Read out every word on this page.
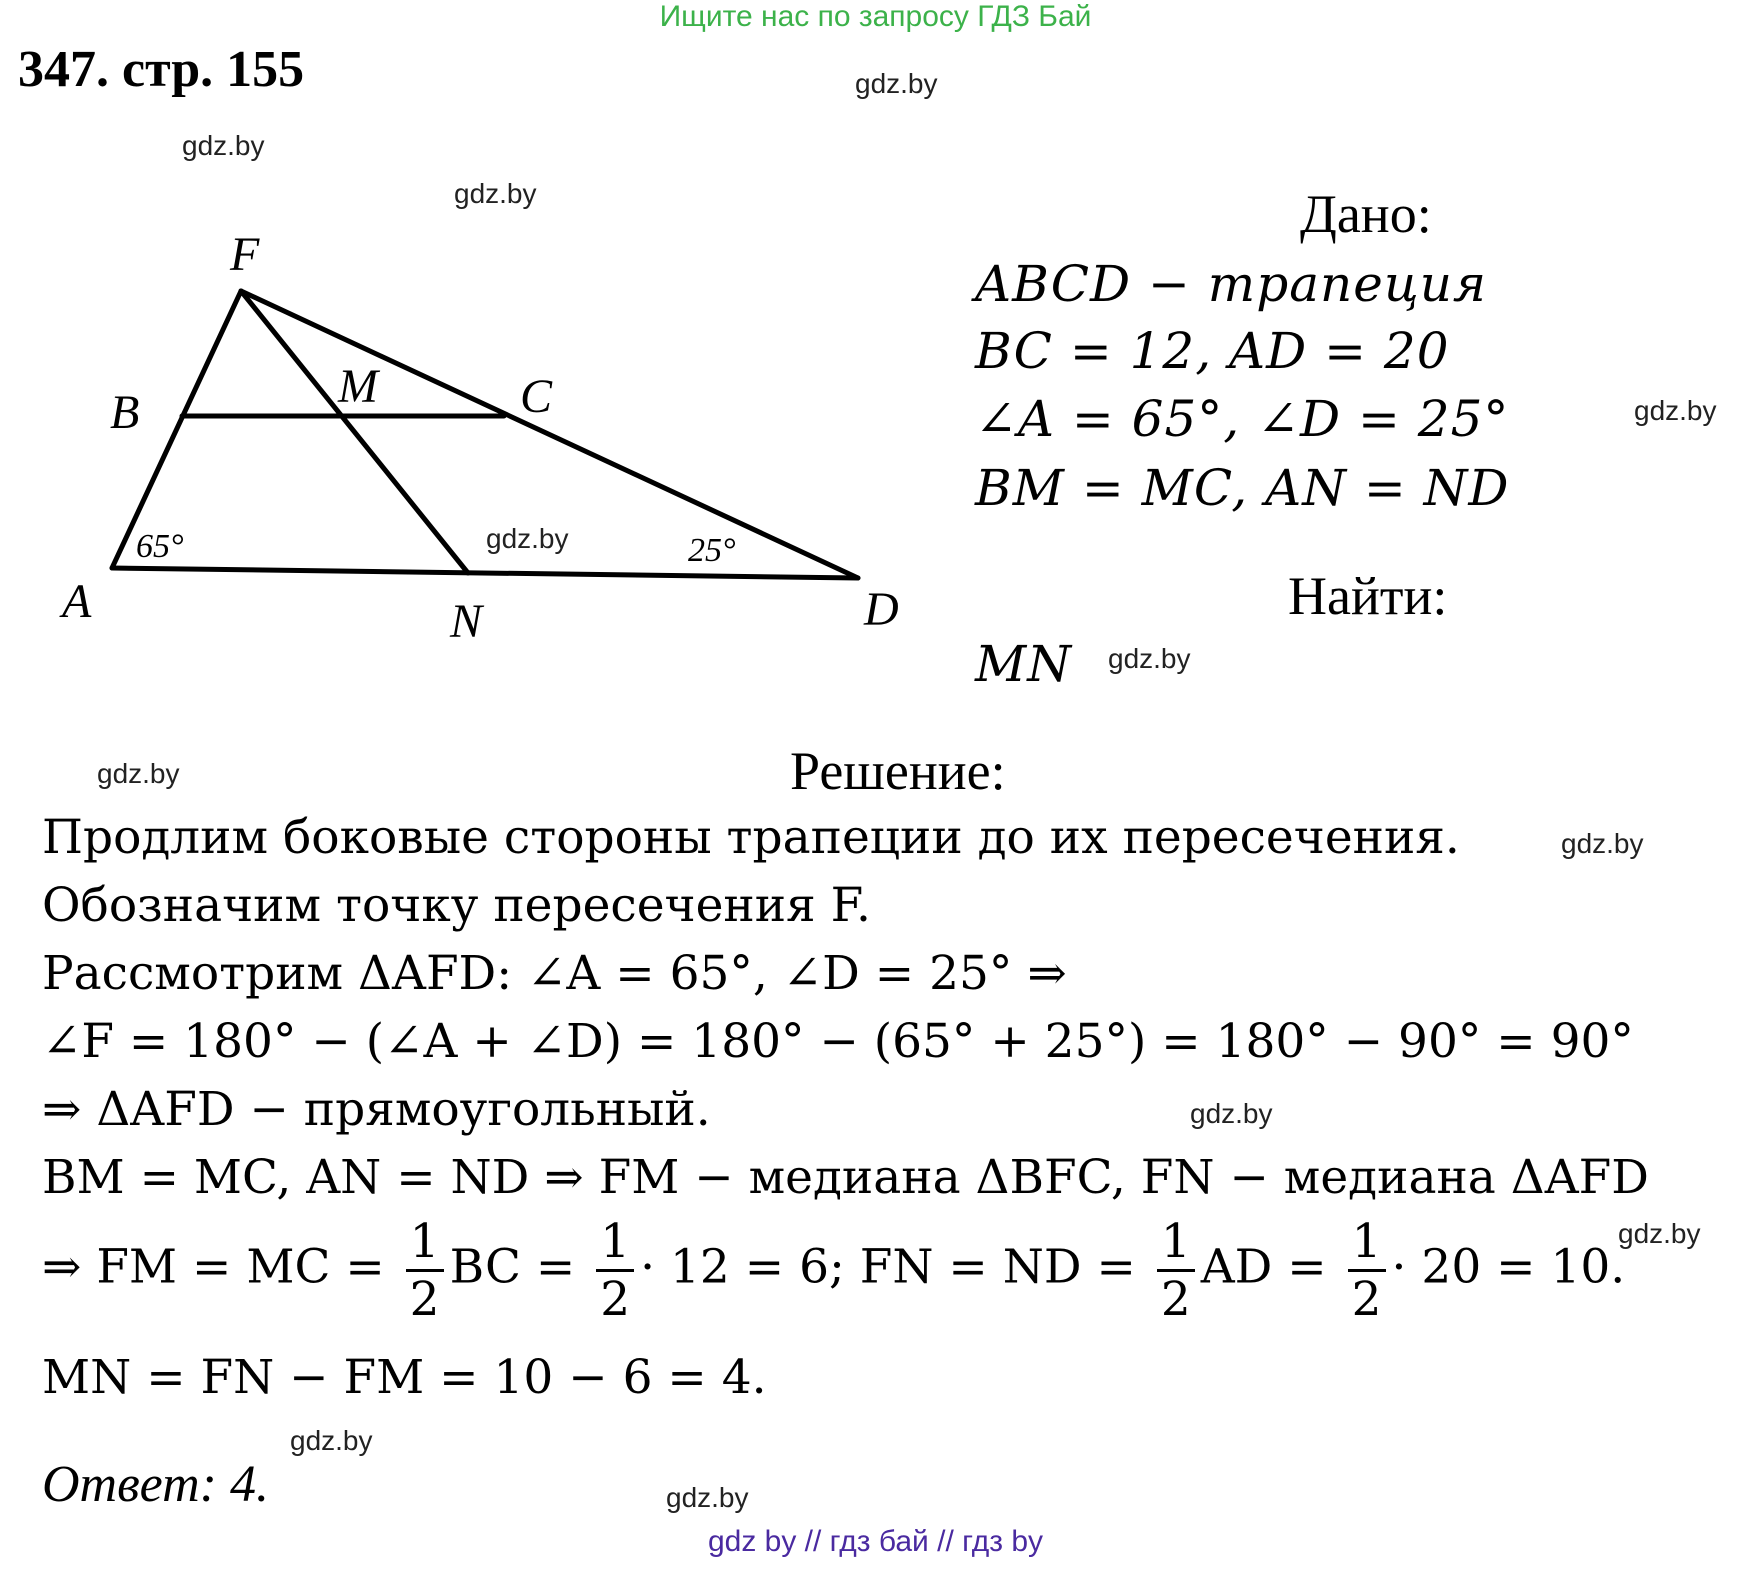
Ищите нас по запросу ГДЗ Бай
347. стр. 155	gdz.by
gdz.by
gdz.by
gdz.by
gdz.by
gdz.by
gdz.by
gdz.by
gdz.by
gdz.by
gdz.by
gdz.by
F
B	M	C
A	N	D
65°	25°
Дано:
ABCD − трапеция
BC = 12, AD = 20
∠A = 65°, ∠D = 25°
BM = MC, AN = ND
Найти:
MN
Решение:
Продлим боковые стороны трапеции до их пересечения.
Обозначим точку пересечения F.
Рассмотрим ΔAFD: ∠A = 65°, ∠D = 25° ⇒
∠F = 180° − (∠A + ∠D) = 180° − (65° + 25°) = 180° − 90° = 90°
⇒ ΔAFD − прямоугольный.
BM = MC, AN = ND ⇒ FM − медиана ΔBFC, FN − медиана ΔAFD
⇒ FM = MC = $\frac{1}{2}$ BC = $\frac{1}{2} \cdot 12 = 6$; FN = ND = $\frac{1}{2}$ AD = $\frac{1}{2} \cdot 20 = 10$.
MN = FN − FM = 10 − 6 = 4.
Ответ: 4.
gdz by // гдз бай // гдз by
